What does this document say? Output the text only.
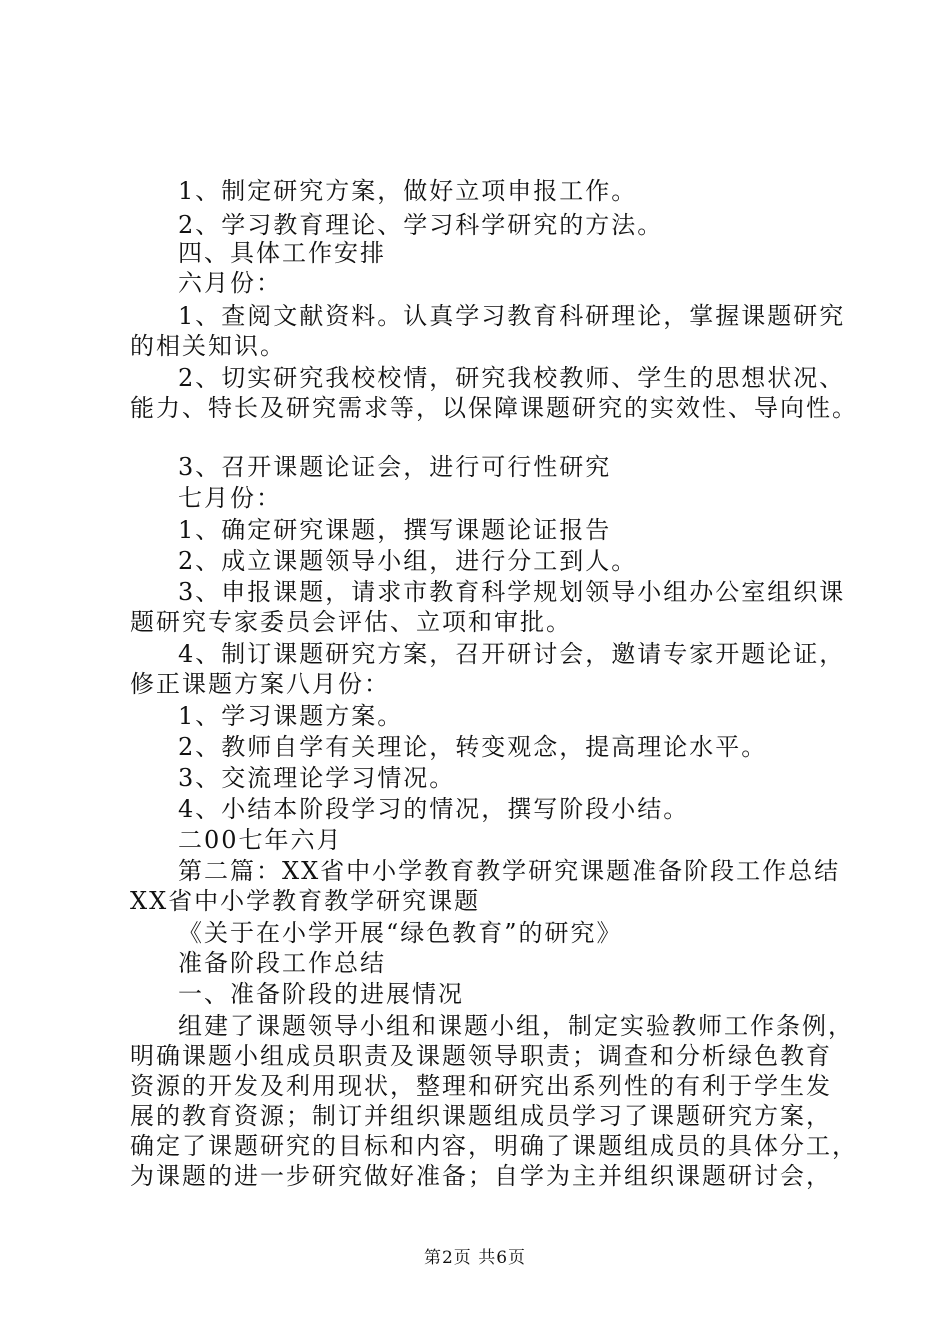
1、制定研究方案，做好立项申报工作。
2、学习教育理论、学习科学研究的方法。
四、具体工作安排
六月份：
1、查阅文献资料。认真学习教育科研理论，掌握课题研究
的相关知识。
2、切实研究我校校情，研究我校教师、学生的思想状况、
能力、特长及研究需求等，以保障课题研究的实效性、导向性。
3、召开课题论证会，进行可行性研究
七月份：
1、确定研究课题，撰写课题论证报告
2、成立课题领导小组，进行分工到人。
3、申报课题，请求市教育科学规划领导小组办公室组织课
题研究专家委员会评估、立项和审批。
4、制订课题研究方案，召开研讨会，邀请专家开题论证，
修正课题方案八月份：
1、学习课题方案。
2、教师自学有关理论，转变观念，提高理论水平。
3、交流理论学习情况。
4、小结本阶段学习的情况，撰写阶段小结。
二00七年六月
第二篇：XX省中小学教育教学研究课题准备阶段工作总结
XX省中小学教育教学研究课题
《关于在小学开展“绿色教育”的研究》
准备阶段工作总结
一、准备阶段的进展情况
组建了课题领导小组和课题小组，制定实验教师工作条例，
明确课题小组成员职责及课题领导职责；调查和分析绿色教育
资源的开发及利用现状，整理和研究出系列性的有利于学生发
展的教育资源；制订并组织课题组成员学习了课题研究方案，
确定了课题研究的目标和内容，明确了课题组成员的具体分工，
为课题的进一步研究做好准备；自学为主并组织课题研讨会，
第2页 共6页
